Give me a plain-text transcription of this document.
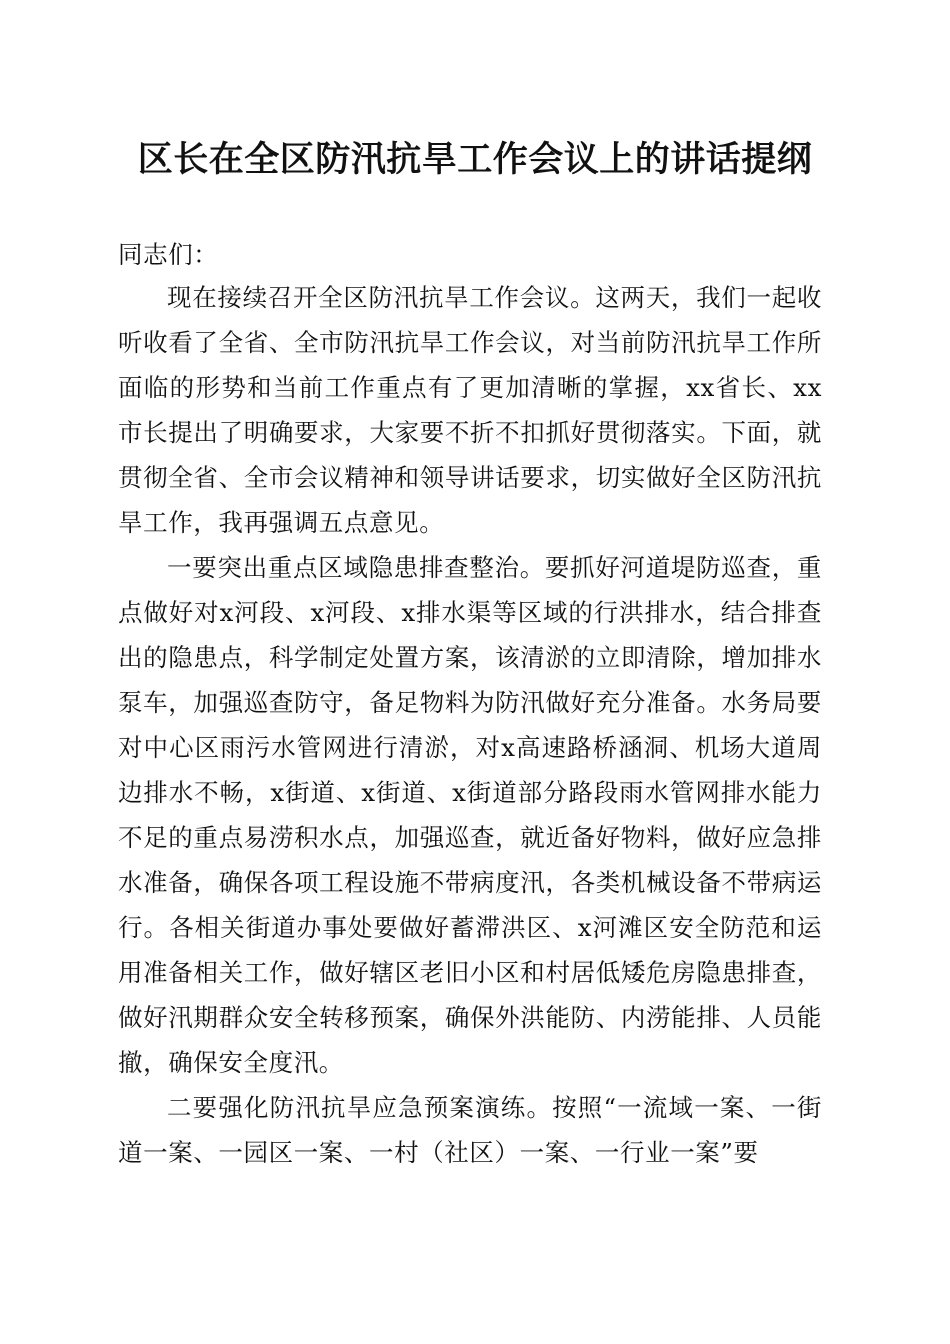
区长在全区防汛抗旱工作会议上的讲话提纲

同志们：

现在接续召开全区防汛抗旱工作会议。这两天，我们一起收听收看了全省、全市防汛抗旱工作会议，对当前防汛抗旱工作所面临的形势和当前工作重点有了更加清晰的掌握，xx省长、xx市长提出了明确要求，大家要不折不扣抓好贯彻落实。下面，就贯彻全省、全市会议精神和领导讲话要求，切实做好全区防汛抗旱工作，我再强调五点意见。

一要突出重点区域隐患排查整治。要抓好河道堤防巡查，重点做好对x河段、x河段、x排水渠等区域的行洪排水，结合排查出的隐患点，科学制定处置方案，该清淤的立即清除，增加排水泵车，加强巡查防守，备足物料为防汛做好充分准备。水务局要对中心区雨污水管网进行清淤，对x高速路桥涵洞、机场大道周边排水不畅，x街道、x街道、x街道部分路段雨水管网排水能力不足的重点易涝积水点，加强巡查，就近备好物料，做好应急排水准备，确保各项工程设施不带病度汛，各类机械设备不带病运行。各相关街道办事处要做好蓄滞洪区、x河滩区安全防范和运用准备相关工作，做好辖区老旧小区和村居低矮危房隐患排查，做好汛期群众安全转移预案，确保外洪能防、内涝能排、人员能撤，确保安全度汛。

二要强化防汛抗旱应急预案演练。按照“一流域一案、一街道一案、一园区一案、一村（社区）一案、一行业一案”要
